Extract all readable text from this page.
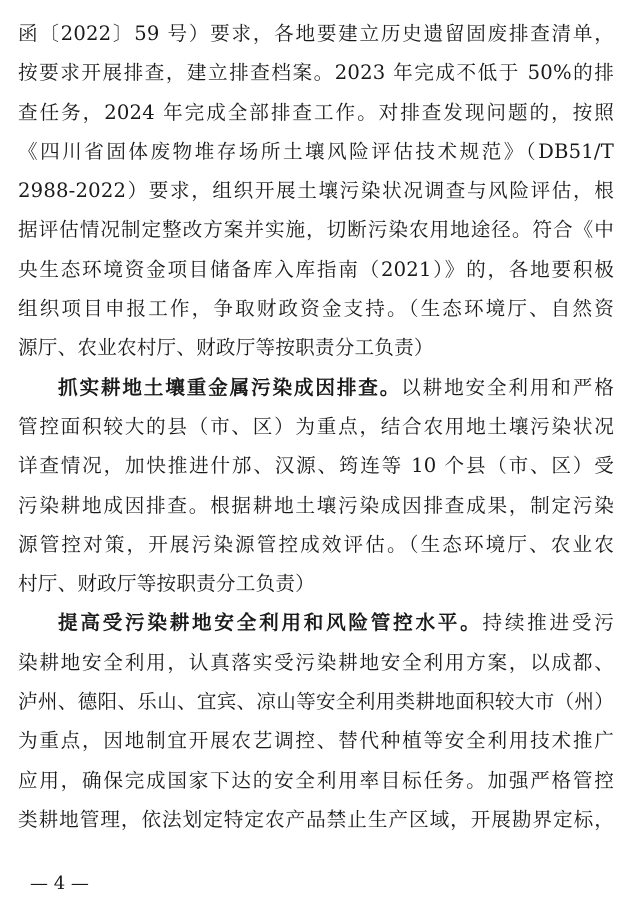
函〔2022〕59 号）要求，各地要建立历史遗留固废排查清单，
按要求开展排查，建立排查档案。2023 年完成不低于 50%的排
查任务，2024 年完成全部排查工作。对排查发现问题的，按照
《四川省固体废物堆存场所土壤风险评估技术规范》（DB51/T
2988-2022）要求，组织开展土壤污染状况调查与风险评估，根
据评估情况制定整改方案并实施，切断污染农用地途径。符合《中
央生态环境资金项目储备库入库指南（2021）》的，各地要积极
组织项目申报工作，争取财政资金支持。（生态环境厅、自然资
源厅、农业农村厅、财政厅等按职责分工负责）
抓实耕地土壤重金属污染成因排查。以耕地安全利用和严格
管控面积较大的县（市、区）为重点，结合农用地土壤污染状况
详查情况，加快推进什邡、汉源、筠连等 10 个县（市、区）受
污染耕地成因排查。根据耕地土壤污染成因排查成果，制定污染
源管控对策，开展污染源管控成效评估。（生态环境厅、农业农
村厅、财政厅等按职责分工负责）
提高受污染耕地安全利用和风险管控水平。持续推进受污
染耕地安全利用，认真落实受污染耕地安全利用方案，以成都、
泸州、德阳、乐山、宜宾、凉山等安全利用类耕地面积较大市（州）
为重点，因地制宜开展农艺调控、替代种植等安全利用技术推广
应用，确保完成国家下达的安全利用率目标任务。加强严格管控
类耕地管理，依法划定特定农产品禁止生产区域，开展勘界定标，
— 4 —
